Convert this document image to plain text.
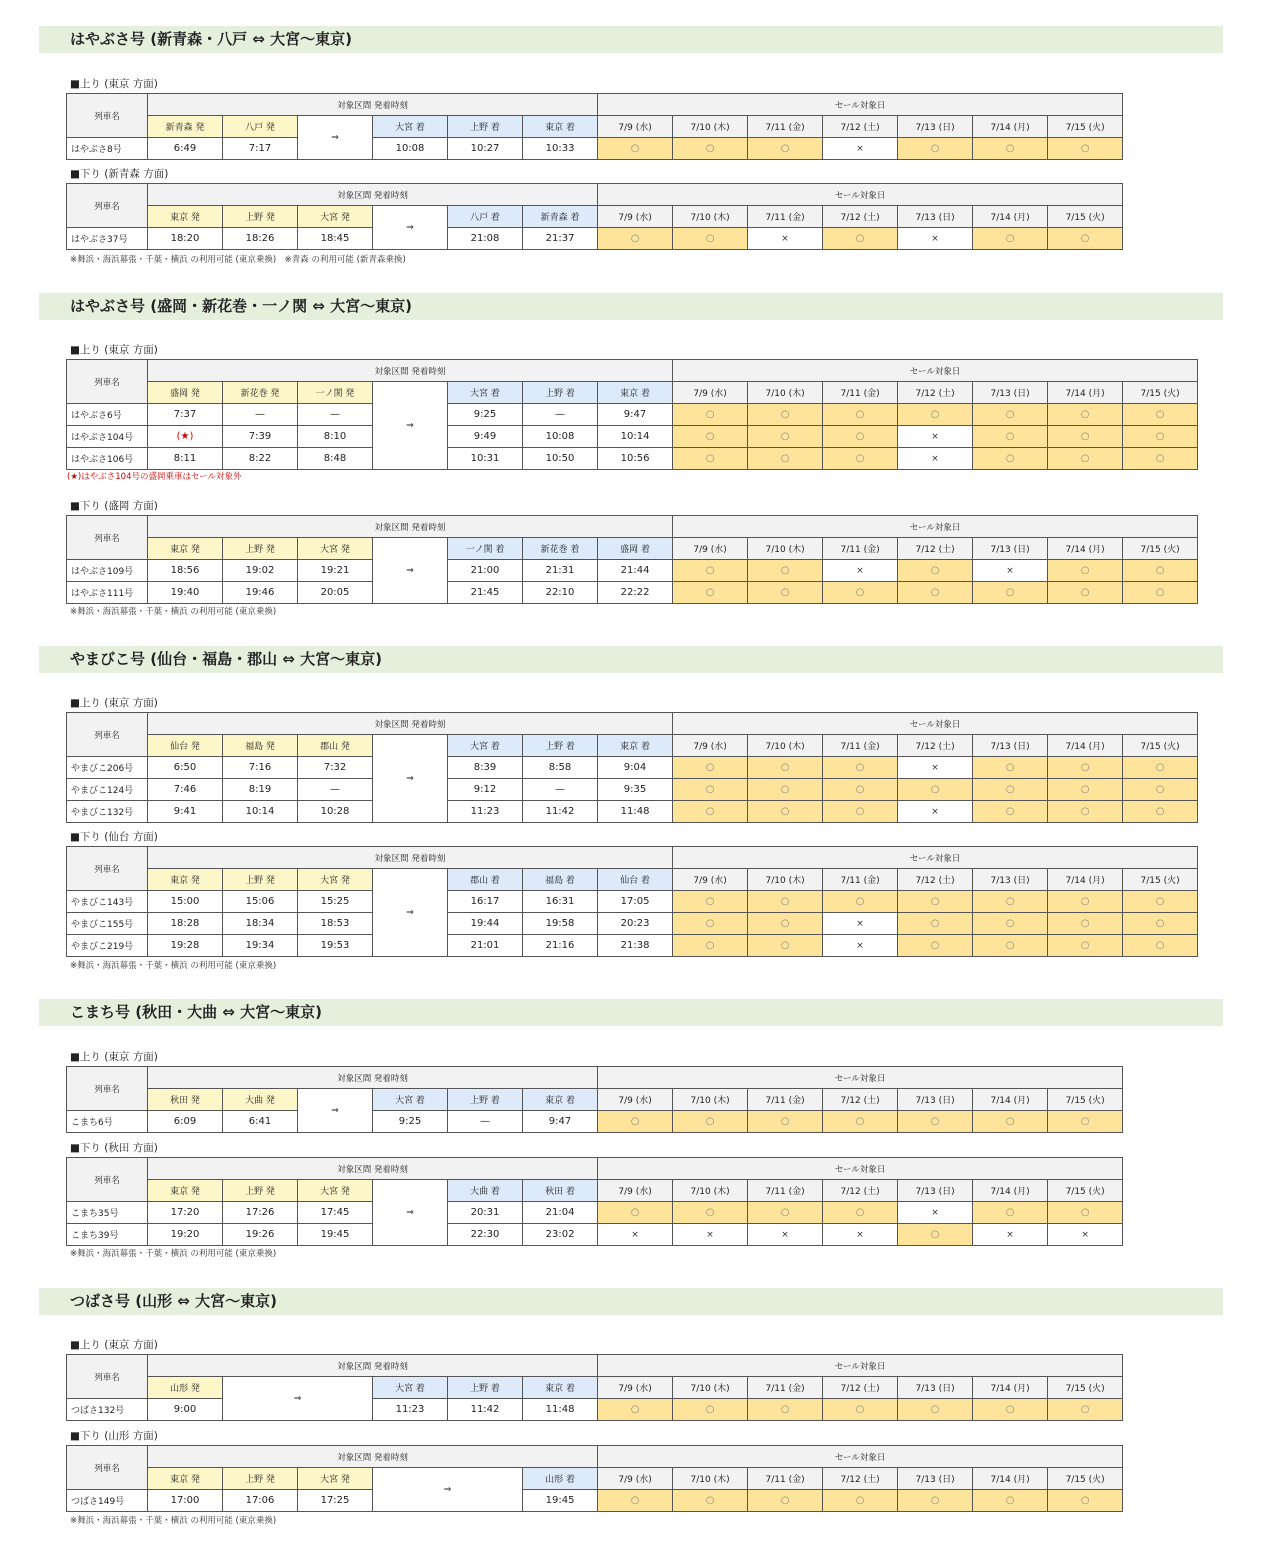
はやぶさ号 (新青森・八戸 ⇔ 大宮〜東京)
■上り (東京 方面)
列車名	対象区間 発着時刻						セール対象日						
	新青森 発	八戸 発	⇒	大宮 着	上野 着	東京 着	7/9 (水)	7/10 (木)	7/11 (金)	7/12 (土)	7/13 (日)	7/14 (月)	7/15 (火)
はやぶさ8号	6:49	7:17		10:08	10:27	10:33	○	○	○	×	○	○	○
■下り (新青森 方面)
列車名	対象区間 発着時刻						セール対象日						
	東京 発	上野 発	大宮 発	⇒	八戸 着	新青森 着	7/9 (水)	7/10 (木)	7/11 (金)	7/12 (土)	7/13 (日)	7/14 (月)	7/15 (火)
はやぶさ37号	18:20	18:26	18:45		21:08	21:37	○	○	×	○	×	○	○
※舞浜・海浜幕張・千葉・横浜 の利用可能 (東京乗換)　※青森 の利用可能 (新青森乗換)
はやぶさ号 (盛岡・新花巻・一ノ関 ⇔ 大宮〜東京)
■上り (東京 方面)
列車名	対象区間 発着時刻							セール対象日						
	盛岡 発	新花巻 発	一ノ関 発	⇒	大宮 着	上野 着	東京 着	7/9 (水)	7/10 (木)	7/11 (金)	7/12 (土)	7/13 (日)	7/14 (月)	7/15 (火)
はやぶさ6号	7:37	—	—		9:25	—	9:47	○	○	○	○	○	○	○
はやぶさ104号	(★)	7:39	8:10		9:49	10:08	10:14	○	○	○	×	○	○	○
はやぶさ106号	8:11	8:22	8:48		10:31	10:50	10:56	○	○	○	×	○	○	○
(★)はやぶさ104号の盛岡乗車はセール対象外
■下り (盛岡 方面)
列車名	対象区間 発着時刻							セール対象日						
	東京 発	上野 発	大宮 発	⇒	一ノ関 着	新花巻 着	盛岡 着	7/9 (水)	7/10 (木)	7/11 (金)	7/12 (土)	7/13 (日)	7/14 (月)	7/15 (火)
はやぶさ109号	18:56	19:02	19:21		21:00	21:31	21:44	○	○	×	○	×	○	○
はやぶさ111号	19:40	19:46	20:05		21:45	22:10	22:22	○	○	○	○	○	○	○
※舞浜・海浜幕張・千葉・横浜 の利用可能 (東京乗換)
やまびこ号 (仙台・福島・郡山 ⇔ 大宮〜東京)
■上り (東京 方面)
列車名	対象区間 発着時刻							セール対象日						
	仙台 発	福島 発	郡山 発	⇒	大宮 着	上野 着	東京 着	7/9 (水)	7/10 (木)	7/11 (金)	7/12 (土)	7/13 (日)	7/14 (月)	7/15 (火)
やまびこ206号	6:50	7:16	7:32		8:39	8:58	9:04	○	○	○	×	○	○	○
やまびこ124号	7:46	8:19	—		9:12	—	9:35	○	○	○	○	○	○	○
やまびこ132号	9:41	10:14	10:28		11:23	11:42	11:48	○	○	○	×	○	○	○
■下り (仙台 方面)
列車名	対象区間 発着時刻							セール対象日						
	東京 発	上野 発	大宮 発	⇒	郡山 着	福島 着	仙台 着	7/9 (水)	7/10 (木)	7/11 (金)	7/12 (土)	7/13 (日)	7/14 (月)	7/15 (火)
やまびこ143号	15:00	15:06	15:25		16:17	16:31	17:05	○	○	○	○	○	○	○
やまびこ155号	18:28	18:34	18:53		19:44	19:58	20:23	○	○	×	○	○	○	○
やまびこ219号	19:28	19:34	19:53		21:01	21:16	21:38	○	○	×	○	○	○	○
※舞浜・海浜幕張・千葉・横浜 の利用可能 (東京乗換)
こまち号 (秋田・大曲 ⇔ 大宮〜東京)
■上り (東京 方面)
列車名	対象区間 発着時刻						セール対象日						
	秋田 発	大曲 発	⇒	大宮 着	上野 着	東京 着	7/9 (水)	7/10 (木)	7/11 (金)	7/12 (土)	7/13 (日)	7/14 (月)	7/15 (火)
こまち6号	6:09	6:41		9:25	—	9:47	○	○	○	○	○	○	○
■下り (秋田 方面)
列車名	対象区間 発着時刻						セール対象日						
	東京 発	上野 発	大宮 発	⇒	大曲 着	秋田 着	7/9 (水)	7/10 (木)	7/11 (金)	7/12 (土)	7/13 (日)	7/14 (月)	7/15 (火)
こまち35号	17:20	17:26	17:45		20:31	21:04	○	○	○	○	×	○	○
こまち39号	19:20	19:26	19:45		22:30	23:02	×	×	×	×	○	×	×
※舞浜・海浜幕張・千葉・横浜 の利用可能 (東京乗換)
つばさ号 (山形 ⇔ 大宮〜東京)
■上り (東京 方面)
列車名	対象区間 発着時刻					セール対象日						
	山形 発	⇒	大宮 着	上野 着	東京 着	7/9 (水)	7/10 (木)	7/11 (金)	7/12 (土)	7/13 (日)	7/14 (月)	7/15 (火)
つばさ132号	9:00		11:23	11:42	11:48	○	○	○	○	○	○	○
■下り (山形 方面)
列車名	対象区間 発着時刻					セール対象日						
	東京 発	上野 発	大宮 発	⇒	山形 着	7/9 (水)	7/10 (木)	7/11 (金)	7/12 (土)	7/13 (日)	7/14 (月)	7/15 (火)
つばさ149号	17:00	17:06	17:25		19:45	○	○	○	○	○	○	○
※舞浜・海浜幕張・千葉・横浜 の利用可能 (東京乗換)
